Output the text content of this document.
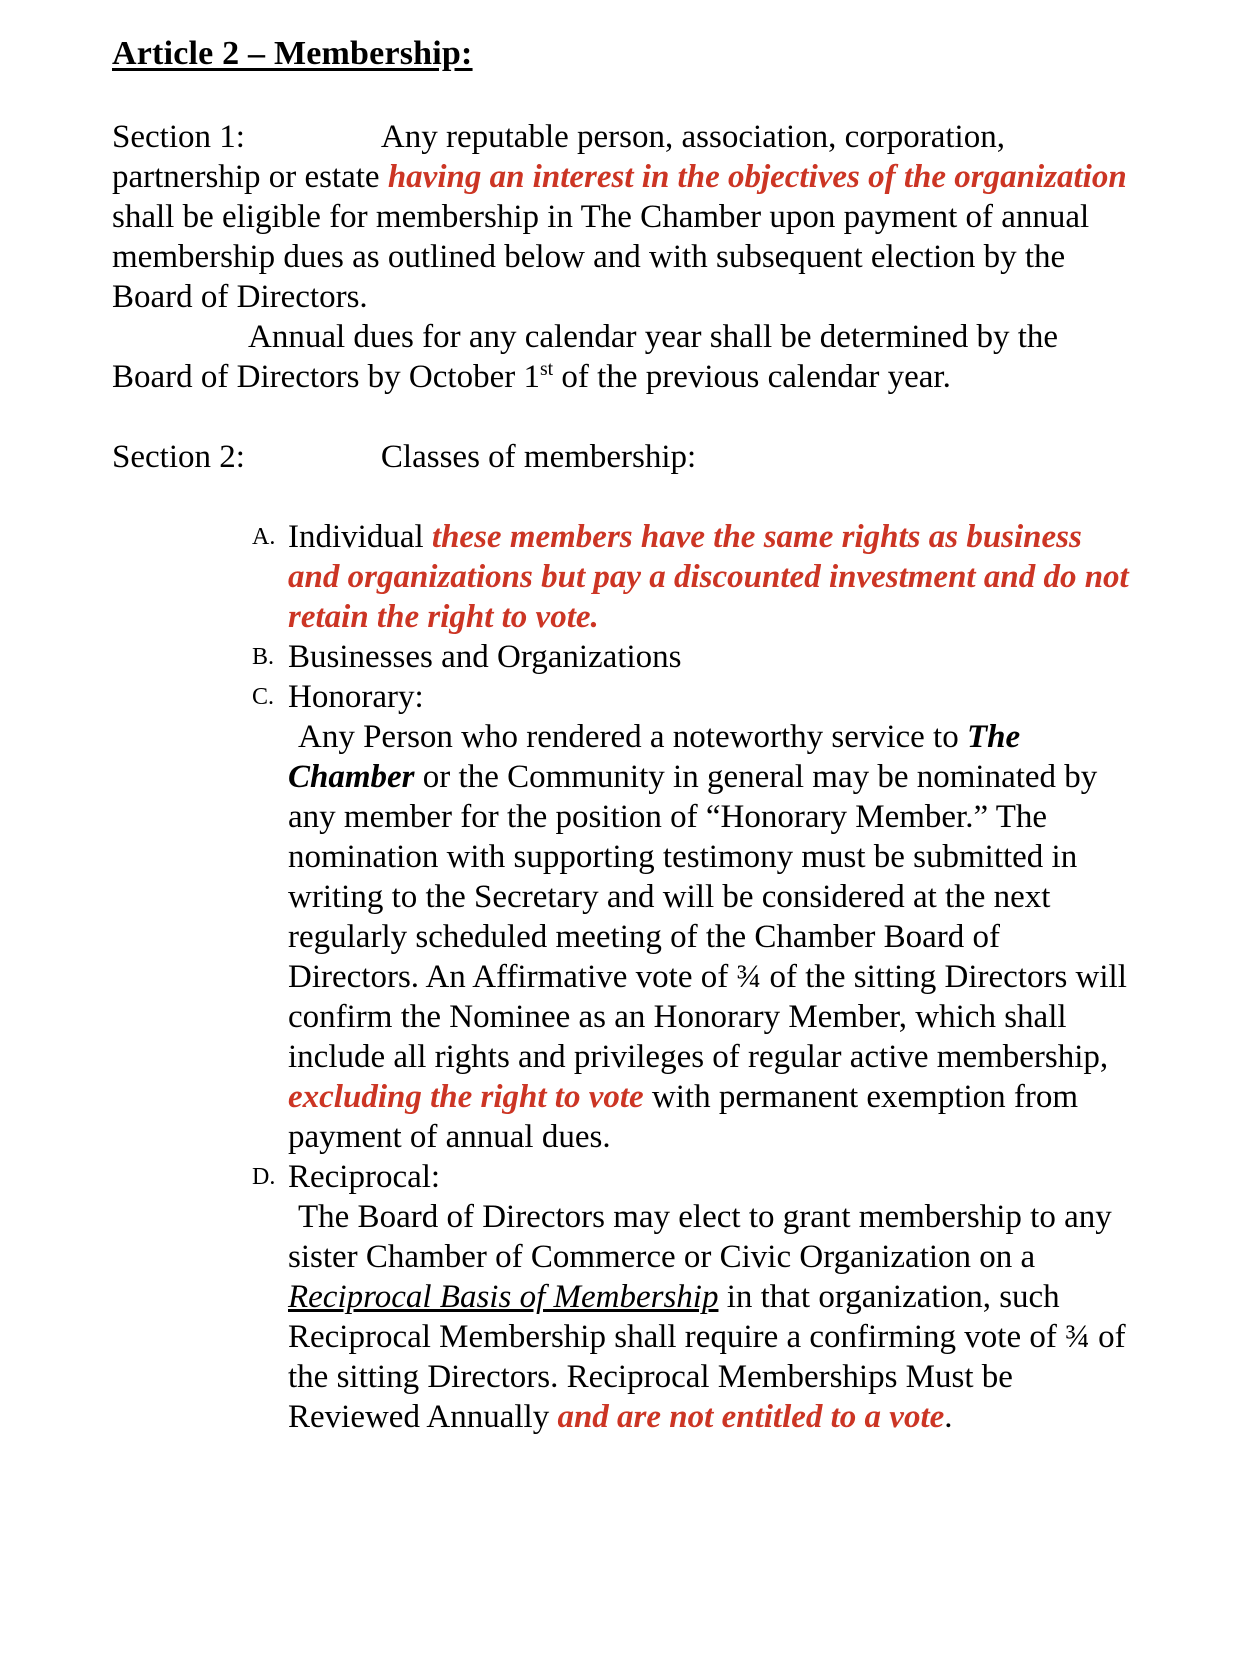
Article 2 – Membership:

Section 1:	Any reputable person, association, corporation, partnership or estate having an interest in the objectives of the organization shall be eligible for membership in The Chamber upon payment of annual membership dues as outlined below and with subsequent election by the Board of Directors.

Annual dues for any calendar year shall be determined by the Board of Directors by October 1st of the previous calendar year.

Section 2:	Classes of membership:

A. Individual these members have the same rights as business and organizations but pay a discounted investment and do not retain the right to vote.
B. Businesses and Organizations
C. Honorary:
Any Person who rendered a noteworthy service to The Chamber or the Community in general may be nominated by any member for the position of “Honorary Member.” The nomination with supporting testimony must be submitted in writing to the Secretary and will be considered at the next regularly scheduled meeting of the Chamber Board of Directors. An Affirmative vote of ¾ of the sitting Directors will confirm the Nominee as an Honorary Member, which shall include all rights and privileges of regular active membership, excluding the right to vote with permanent exemption from payment of annual dues.
D. Reciprocal:
The Board of Directors may elect to grant membership to any sister Chamber of Commerce or Civic Organization on a Reciprocal Basis of Membership in that organization, such Reciprocal Membership shall require a confirming vote of ¾ of the sitting Directors. Reciprocal Memberships Must be Reviewed Annually and are not entitled to a vote.
